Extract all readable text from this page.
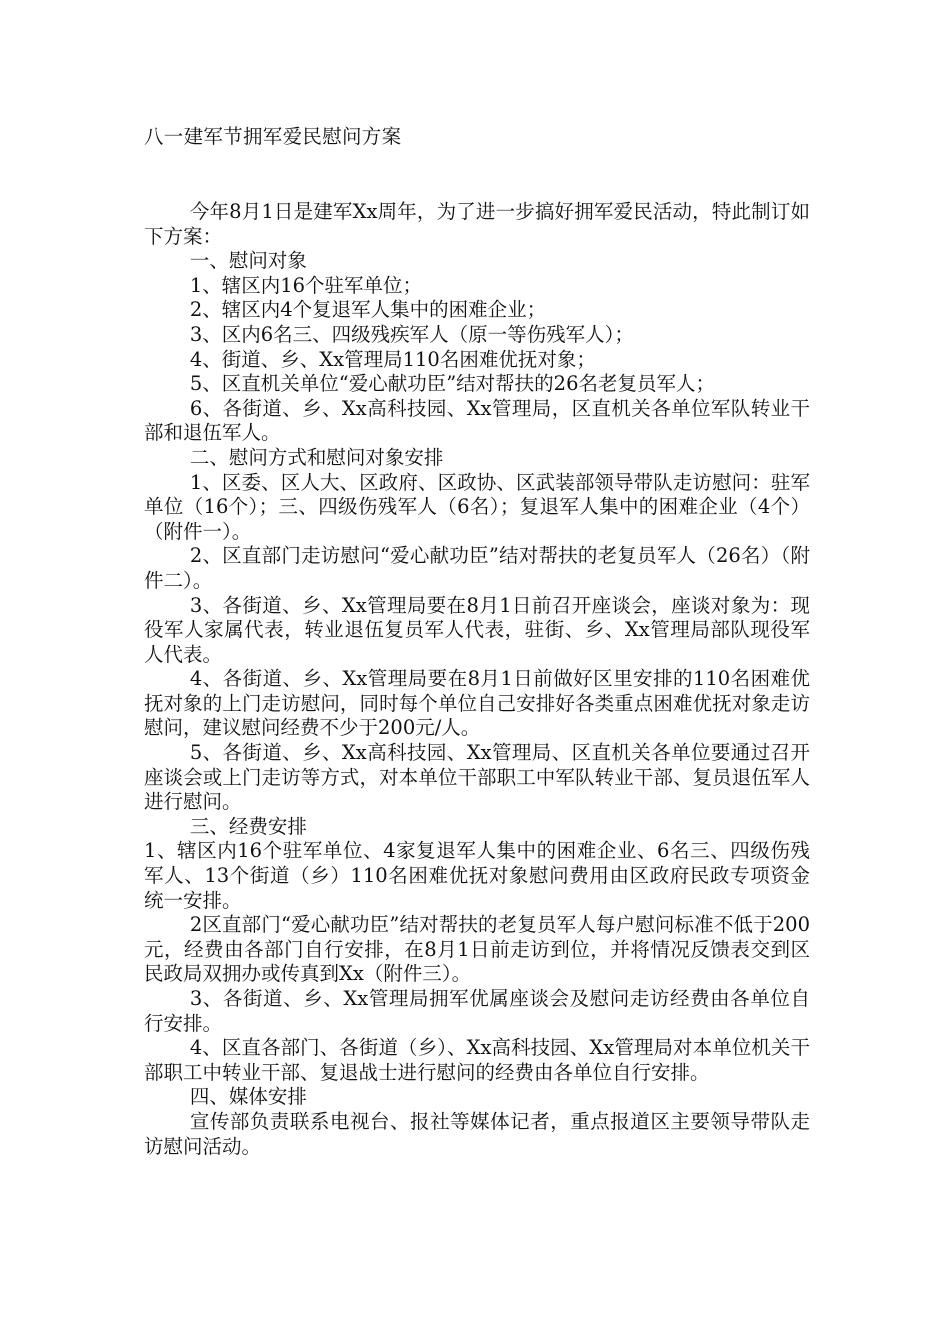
八一建军节拥军爱民慰问方案

今年8月1日是建军Xx周年，为了进一步搞好拥军爱民活动，特此制订如下方案：

一、慰问对象

1、辖区内16个驻军单位；

2、辖区内4个复退军人集中的困难企业；

3、区内6名三、四级残疾军人（原一等伤残军人）；

4、街道、乡、Xx管理局110名困难优抚对象；

5、区直机关单位“爱心献功臣”结对帮扶的26名老复员军人；

6、各街道、乡、Xx高科技园、Xx管理局，区直机关各单位军队转业干部和退伍军人。

二、慰问方式和慰问对象安排

1、区委、区人大、区政府、区政协、区武装部领导带队走访慰问：驻军单位（16个）；三、四级伤残军人（6名）；复退军人集中的困难企业（4个）（附件一）。

2、区直部门走访慰问“爱心献功臣”结对帮扶的老复员军人（26名）（附件二）。

3、各街道、乡、Xx管理局要在8月1日前召开座谈会，座谈对象为：现役军人家属代表，转业退伍复员军人代表，驻街、乡、Xx管理局部队现役军人代表。

4、各街道、乡、Xx管理局要在8月1日前做好区里安排的110名困难优抚对象的上门走访慰问，同时每个单位自己安排好各类重点困难优抚对象走访慰问，建议慰问经费不少于200元/人。

5、各街道、乡、Xx高科技园、Xx管理局、区直机关各单位要通过召开座谈会或上门走访等方式，对本单位干部职工中军队转业干部、复员退伍军人进行慰问。

三、经费安排

1、辖区内16个驻军单位、4家复退军人集中的困难企业、6名三、四级伤残军人、13个街道（乡）110名困难优抚对象慰问费用由区政府民政专项资金统一安排。

2区直部门“爱心献功臣”结对帮扶的老复员军人每户慰问标准不低于200元，经费由各部门自行安排，在8月1日前走访到位，并将情况反馈表交到区民政局双拥办或传真到Xx（附件三）。

3、各街道、乡、Xx管理局拥军优属座谈会及慰问走访经费由各单位自行安排。

4、区直各部门、各街道（乡）、Xx高科技园、Xx管理局对本单位机关干部职工中转业干部、复退战士进行慰问的经费由各单位自行安排。

四、媒体安排

宣传部负责联系电视台、报社等媒体记者，重点报道区主要领导带队走访慰问活动。
